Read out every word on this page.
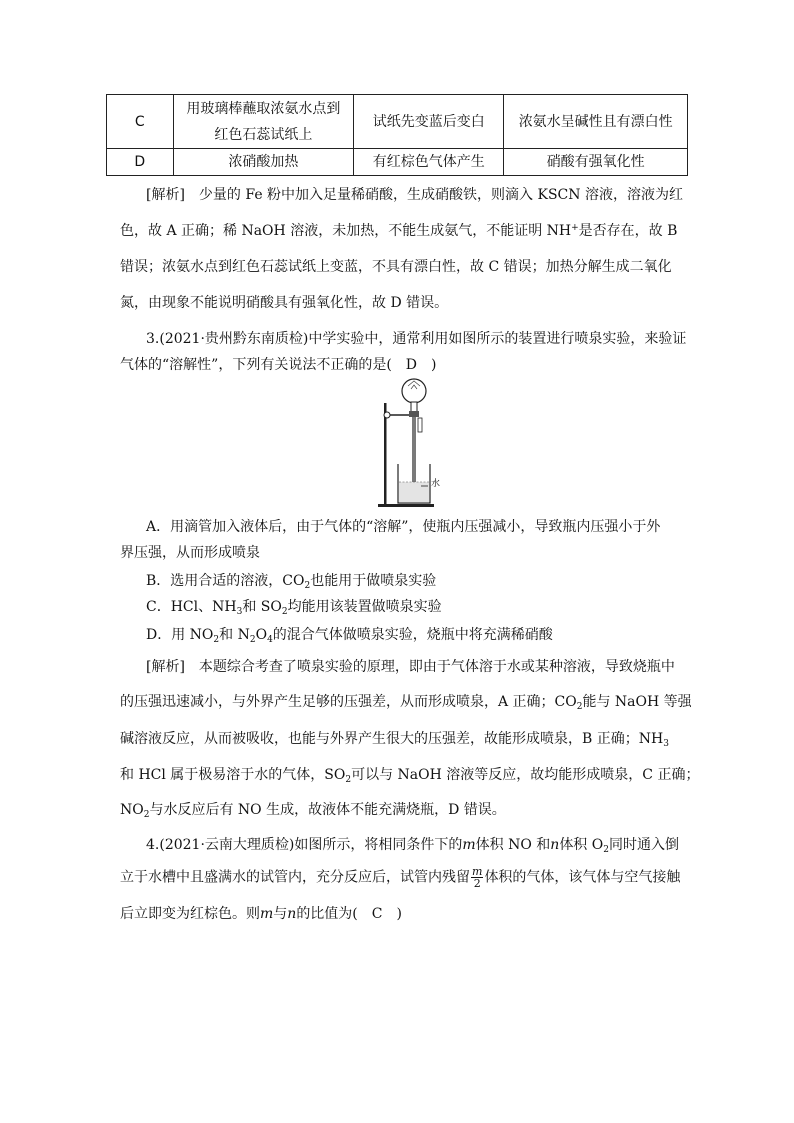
C	用玻璃棒蘸取浓氨水点到
红色石蕊试纸上	试纸先变蓝后变白	浓氨水呈碱性且有漂白性
D	浓硝酸加热	有红棕色气体产生	硝酸有强氧化性
[解析]　少量的 Fe 粉中加入足量稀硝酸，生成硝酸铁，则滴入 KSCN 溶液，溶液为红
色，故 A 正确；稀 NaOH 溶液，未加热，不能生成氨气，不能证明 NH+是否存在，故 B
错误；浓氨水点到红色石蕊试纸上变蓝，不具有漂白性，故 C 错误；加热分解生成二氧化
氮，由现象不能说明硝酸具有强氧化性，故 D 错误。
3.(2021·贵州黔东南质检)中学实验中，通常利用如图所示的装置进行喷泉实验，来验证
气体的“溶解性”，下列有关说法不正确的是(　D　)
水
A．用滴管加入液体后，由于气体的“溶解”，使瓶内压强减小，导致瓶内压强小于外
界压强，从而形成喷泉
B．选用合适的溶液，$CO_2$也能用于做喷泉实验
C．HCl、$NH_3$和 $SO_2$均能用该装置做喷泉实验
D．用 $NO_2$和 $N_2O_4$的混合气体做喷泉实验，烧瓶中将充满稀硝酸
[解析]　本题综合考查了喷泉实验的原理，即由于气体溶于水或某种溶液，导致烧瓶中
的压强迅速减小，与外界产生足够的压强差，从而形成喷泉，A 正确；$CO_2$能与 NaOH 等强
碱溶液反应，从而被吸收，也能与外界产生很大的压强差，故能形成喷泉，B 正确；$NH_3$
和 HCl 属于极易溶于水的气体，$SO_2$可以与 NaOH 溶液等反应，故均能形成喷泉，C 正确；
$NO_2$与水反应后有 NO 生成，故液体不能充满烧瓶，D 错误。
4.(2021·云南大理质检)如图所示，将相同条件下的m体积 NO 和n体积 $O_2$同时通入倒
立于水槽中且盛满水的试管内，充分反应后，试管内残留 $\frac{m}{2}$ 体积的气体，该气体与空气接触
后立即变为红棕色。则m与n的比值为(　C　)
